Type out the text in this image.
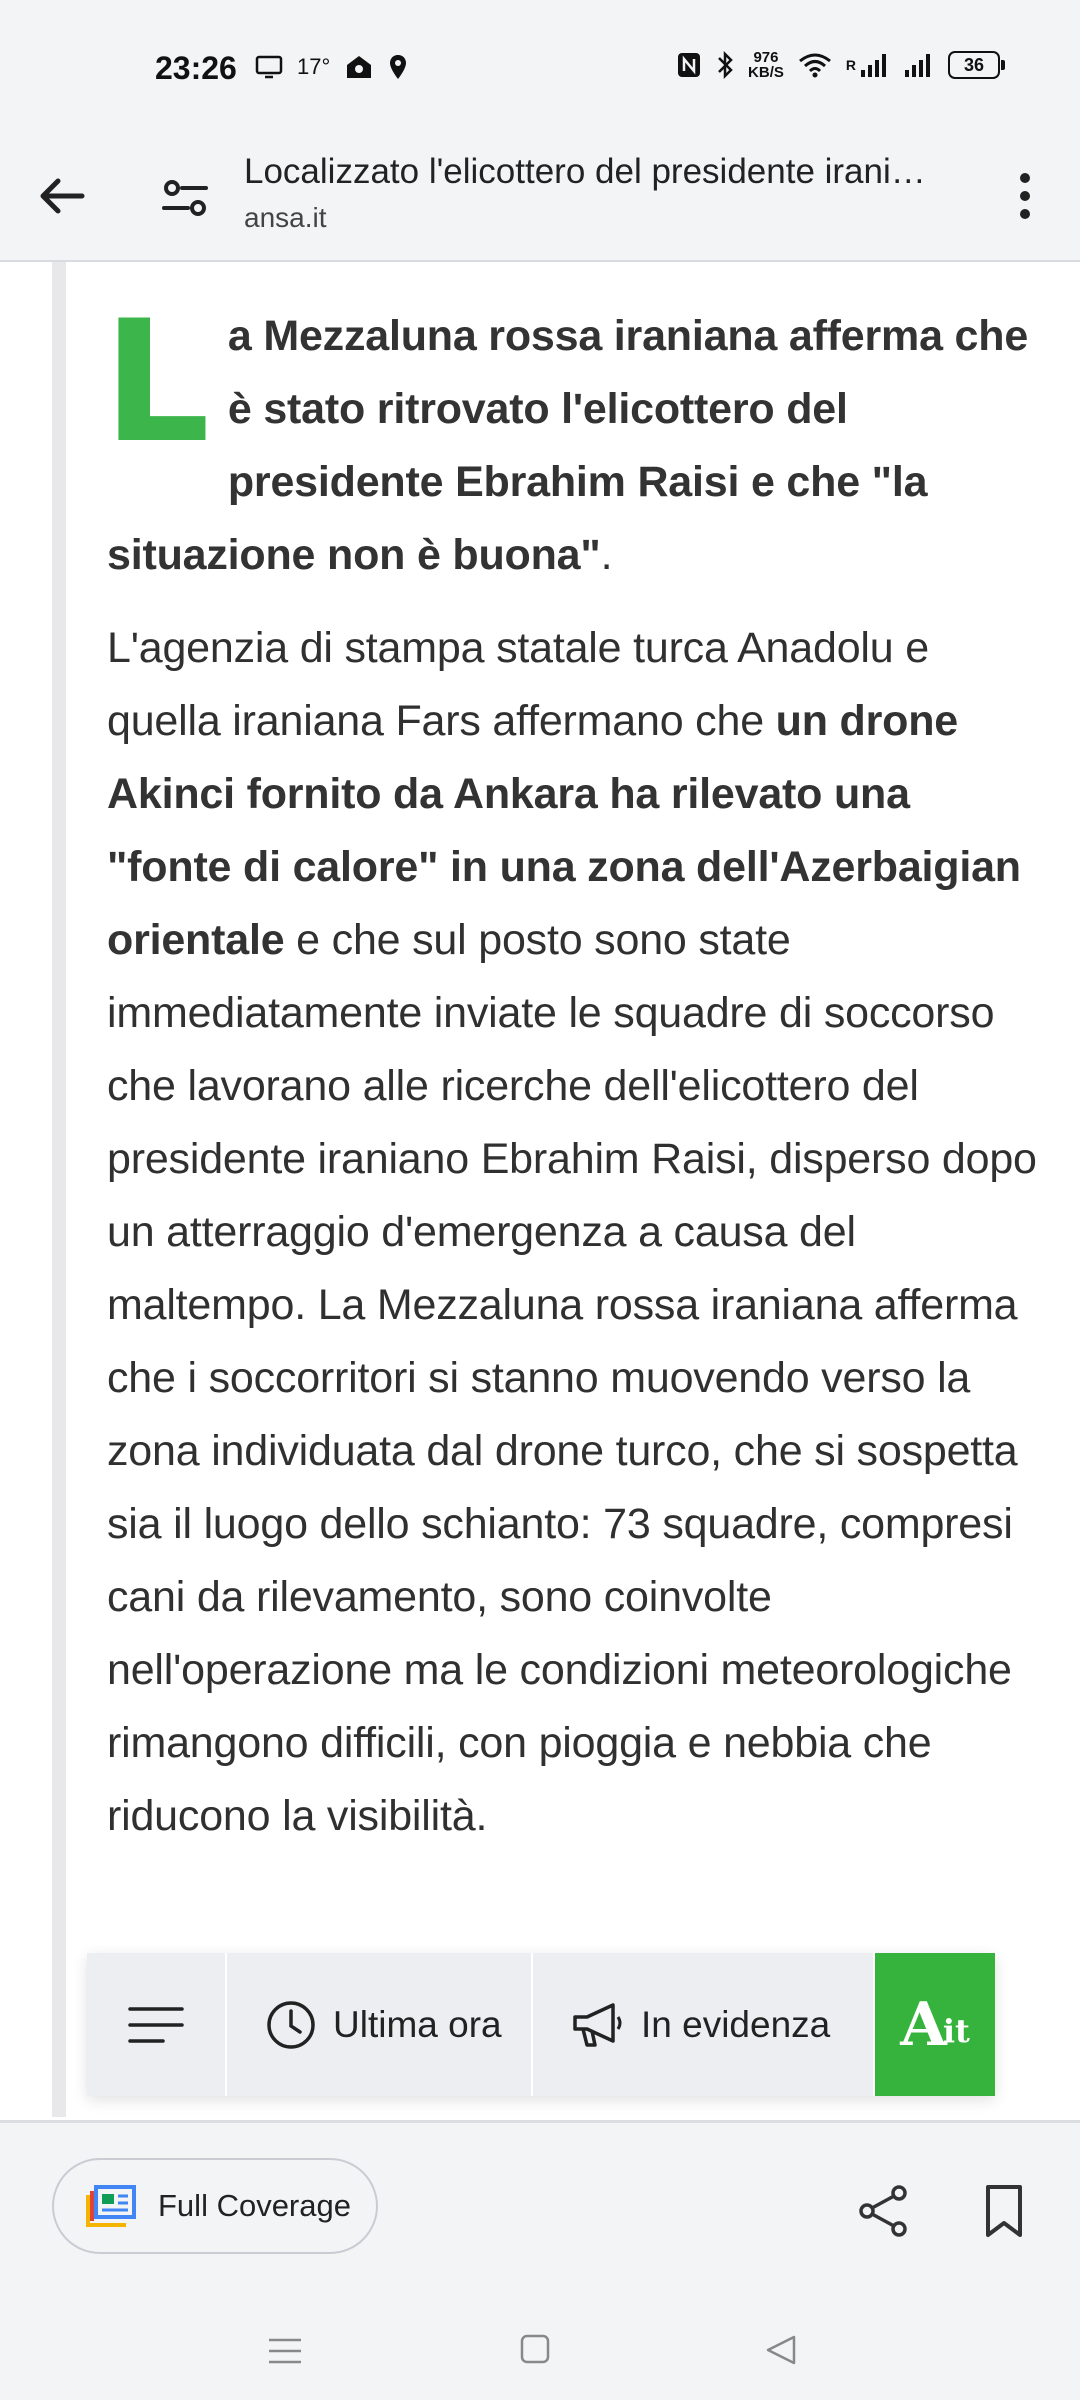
23:26	17°	976
KB/S	R	36
Localizzato l'elicottero del presidente irani…
ansa.it

La Mezzaluna rossa iraniana afferma che è stato ritrovato l'elicottero del presidente Ebrahim Raisi e che "la situazione non è buona".

L'agenzia di stampa statale turca Anadolu e quella iraniana Fars affermano che un drone Akinci fornito da Ankara ha rilevato una "fonte di calore" in una zona dell'Azerbaigian orientale e che sul posto sono state immediatamente inviate le squadre di soccorso che lavorano alle ricerche dell'elicottero del presidente iraniano Ebrahim Raisi, disperso dopo un atterraggio d'emergenza a causa del maltempo. La Mezzaluna rossa iraniana afferma che i soccorritori si stanno muovendo verso la zona individuata dal drone turco, che si sospetta sia il luogo dello schianto: 73 squadre, compresi cani da rilevamento, sono coinvolte nell'operazione ma le condizioni meteorologiche rimangono difficili, con pioggia e nebbia che riducono la visibilità.

Ultima ora	In evidenza A
it
Full Coverage
